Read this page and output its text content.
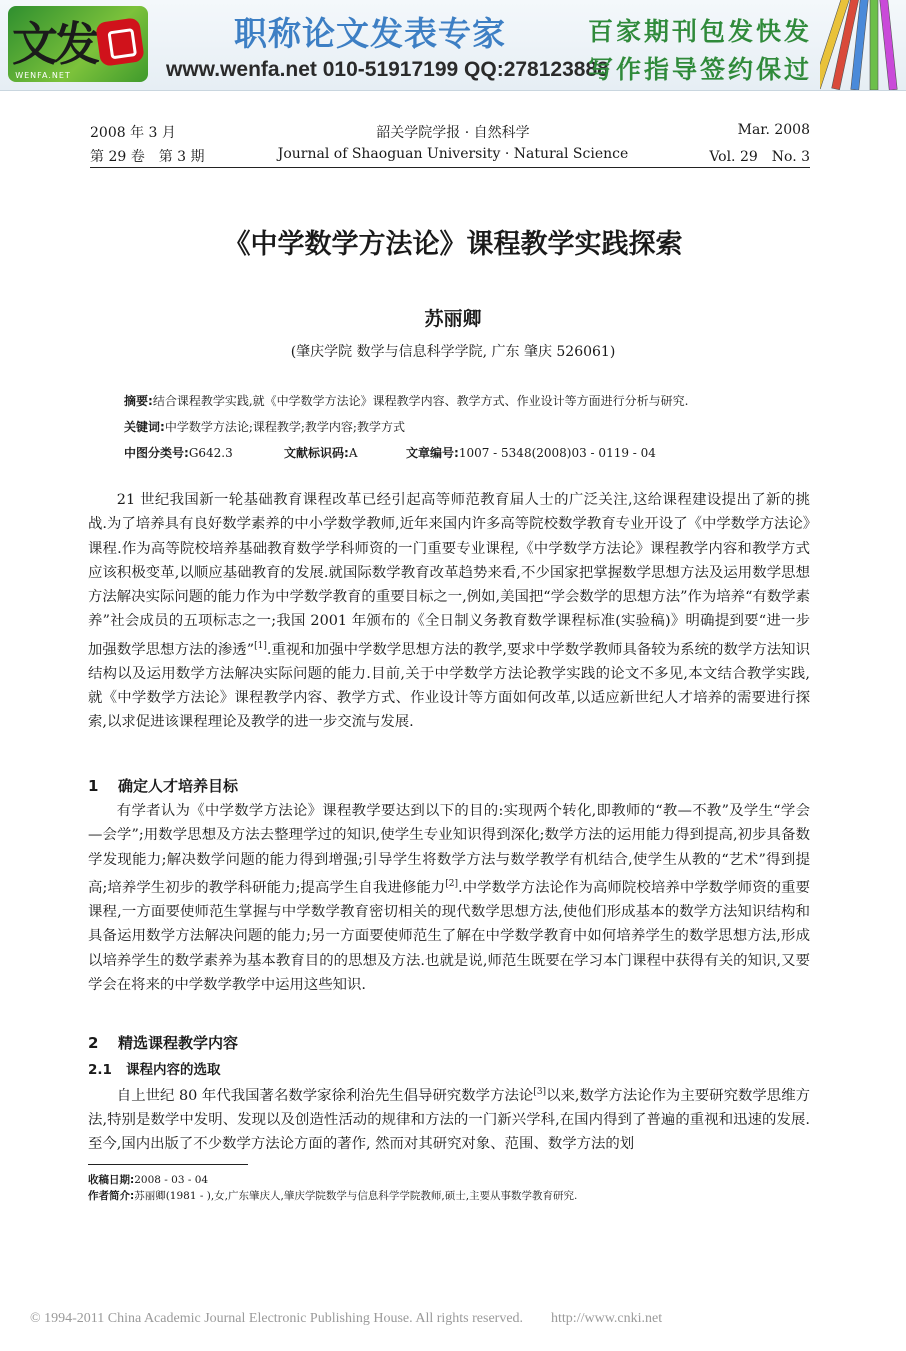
文发
WENFA.NET
职称论文发表专家
www.wenfa.net 010-51917199 QQ:278123888
百家期刊包发快发
写作指导签约保过
2008 年 3 月
第 29 卷　第 3 期
韶关学院学报 · 自然科学
Journal of Shaoguan University · Natural Science
Mar. 2008
Vol. 29　No. 3
《中学数学方法论》课程教学实践探索
苏丽卿
(肇庆学院 数学与信息科学学院, 广东 肇庆 526061)
摘要:结合课程教学实践,就《中学数学方法论》课程教学内容、教学方式、作业设计等方面进行分析与研究.
关键词:中学数学方法论;课程教学;教学内容;教学方式
中图分类号:G642.3	文献标识码:A	文章编号:1007 - 5348(2008)03 - 0119 - 04

21 世纪我国新一轮基础教育课程改革已经引起高等师范教育届人士的广泛关注,这给课程建设提出了新的挑战.为了培养具有良好数学素养的中小学数学教师,近年来国内许多高等院校数学教育专业开设了《中学数学方法论》课程.作为高等院校培养基础教育数学学科师资的一门重要专业课程,《中学数学方法论》课程教学内容和教学方式应该积极变革,以顺应基础教育的发展.就国际数学教育改革趋势来看,不少国家把掌握数学思想方法及运用数学思想方法解决实际问题的能力作为中学数学教育的重要目标之一,例如,美国把“学会数学的思想方法”作为培养“有数学素养”社会成员的五项标志之一;我国 2001 年颁布的《全日制义务教育数学课程标准(实验稿)》明确提到要“进一步加强数学思想方法的渗透”[1].重视和加强中学数学思想方法的教学,要求中学数学教师具备较为系统的数学方法知识结构以及运用数学方法解决实际问题的能力.目前,关于中学数学方法论教学实践的论文不多见,本文结合教学实践,就《中学数学方法论》课程教学内容、教学方式、作业设计等方面如何改革,以适应新世纪人才培养的需要进行探索,以求促进该课程理论及教学的进一步交流与发展.

1 确定人才培养目标

有学者认为《中学数学方法论》课程教学要达到以下的目的:实现两个转化,即教师的“教—不教”及学生“学会—会学”;用数学思想及方法去整理学过的知识,使学生专业知识得到深化;数学方法的运用能力得到提高,初步具备数学发现能力;解决数学问题的能力得到增强;引导学生将数学方法与数学教学有机结合,使学生从教的“艺术”得到提高;培养学生初步的教学科研能力;提高学生自我进修能力[2].中学数学方法论作为高师院校培养中学数学师资的重要课程,一方面要使师范生掌握与中学数学教育密切相关的现代数学思想方法,使他们形成基本的数学方法知识结构和具备运用数学方法解决问题的能力;另一方面要使师范生了解在中学数学教育中如何培养学生的数学思想方法,形成以培养学生的数学素养为基本教育目的的思想及方法.也就是说,师范生既要在学习本门课程中获得有关的知识,又要学会在将来的中学数学教学中运用这些知识.

2 精选课程教学内容
2.1 课程内容的选取

自上世纪 80 年代我国著名数学家徐利治先生倡导研究数学方法论[3]以来,数学方法论作为主要研究数学思维方法,特别是数学中发明、发现以及创造性活动的规律和方法的一门新兴学科,在国内得到了普遍的重视和迅速的发展.至今,国内出版了不少数学方法论方面的著作, 然而对其研究对象、范围、数学方法的划

收稿日期:2008 - 03 - 04
作者简介:苏丽卿(1981 - ),女,广东肇庆人,肇庆学院数学与信息科学学院教师,硕士,主要从事数学教育研究.
© 1994-2011 China Academic Journal Electronic Publishing House. All rights reserved.　　http://www.cnki.net
